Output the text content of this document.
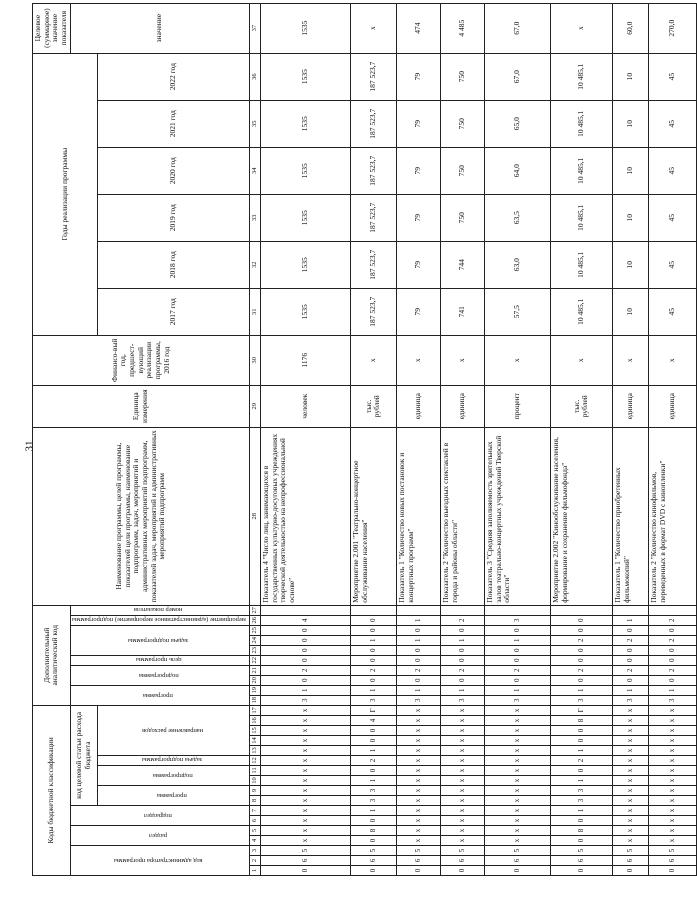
31
Коды бюджетной классификации																	Дополнительный аналитический код										Наименование программы, целей программы, показателей цели программы, наименование подпрограмм, задач, мероприятий и административных мероприятий подпрограмм, показателей задач, мероприятий и административных мероприятий подпрограмм	Единица измерения	Финансо-вый год, предшест-вующий реализации программы, 2016 год	Годы реализации программы						Целевое (суммарное) значение показателя
код администратора программы			раздел		подраздел		код целевой статьи расхода бюджета										программа		подпрограмма		цель программы	задача подпрограммы			мероприятие (административное мероприятие) подпрограммы	номер показателя										значение
							программа		подпрограмма		задача подпрограммы	направление расходов																		2017 год	2018 год	2019 год	2020 год	2021 год	2022 год	
1	2	3	4	5	6	7	8	9	10	11	12	13	14	15	16	17	18	19	20	21	22	23	24	25	26	27	28	29	30	31	32	33	34	35	36	37
0	6	5	х	х	х	х	х	х	х	х	х	х	х	х	х	х	3	1	0	2	0	0	0	0	4		Показатель 4 "Число лиц, занимающихся в государственных культурно-досуговых учреждениях творческой деятельностью на непрофессиональной основе"	человек	1176	1535	1535	1535	1535	1535	1535	1535
0	6	5	0	8	0	1	3	3	1	0	2	1	0	0	4	Г	3	1	0	2	0	0	1	0	0		Мероприятие 2.001 "Театрально-концертное обслуживание населения"	тыс. рублей	х	187 523,7	187 523,7	187 523,7	187 523,7	187 523,7	187 523,7	х
0	6	5	х	х	х	х	х	х	х	х	х	х	х	х	х	х	3	1	0	2	0	0	1	0	1		Показатель 1 "Количество новых постановок и концертных программ"	единица	х	79	79	79	79	79	79	474
0	6	5	х	х	х	х	х	х	х	х	х	х	х	х	х	х	3	1	0	2	0	0	1	0	2		Показатель 2 "Количество выездных спектаклей в города и районы области"	единица	х	741	744	750	750	750	750	4 485
0	6	5	х	х	х	х	х	х	х	х	х	х	х	х	х	х	3	1	0	2	0	0	1	0	3		Показатель 3 "Средняя заполняемость зрительных залов театрально-концертных учреждений Тверской области"	процент	х	57,5	63,0	63,5	64,0	65,0	67,0	67,0
0	6	5	0	8	0	1	3	3	1	0	2	1	0	0	8	Г	3	1	0	2	0	0	2	0	0		Мероприятие 2.002 "Кинообслуживание населения, формирование и сохранение фильмофонда"	тыс. рублей	х	10 485,1	10 485,1	10 485,1	10 485,1	10 485,1	10 485,1	х
0	6	5	х	х	х	х	х	х	х	х	х	х	х	х	х	х	3	1	0	2	0	0	2	0	1		Показатель 1 "Количество приобретенных фильмокопий"	единица	х	10	10	10	10	10	10	60,0
0	6	5	х	х	х	х	х	х	х	х	х	х	х	х	х	х	3	1	0	2	0	0	2	0	2		Показатель 2 "Количество кинофильмов, переведенных в формат DVD с кинопленки"	единица	х	45	45	45	45	45	45	270,0
